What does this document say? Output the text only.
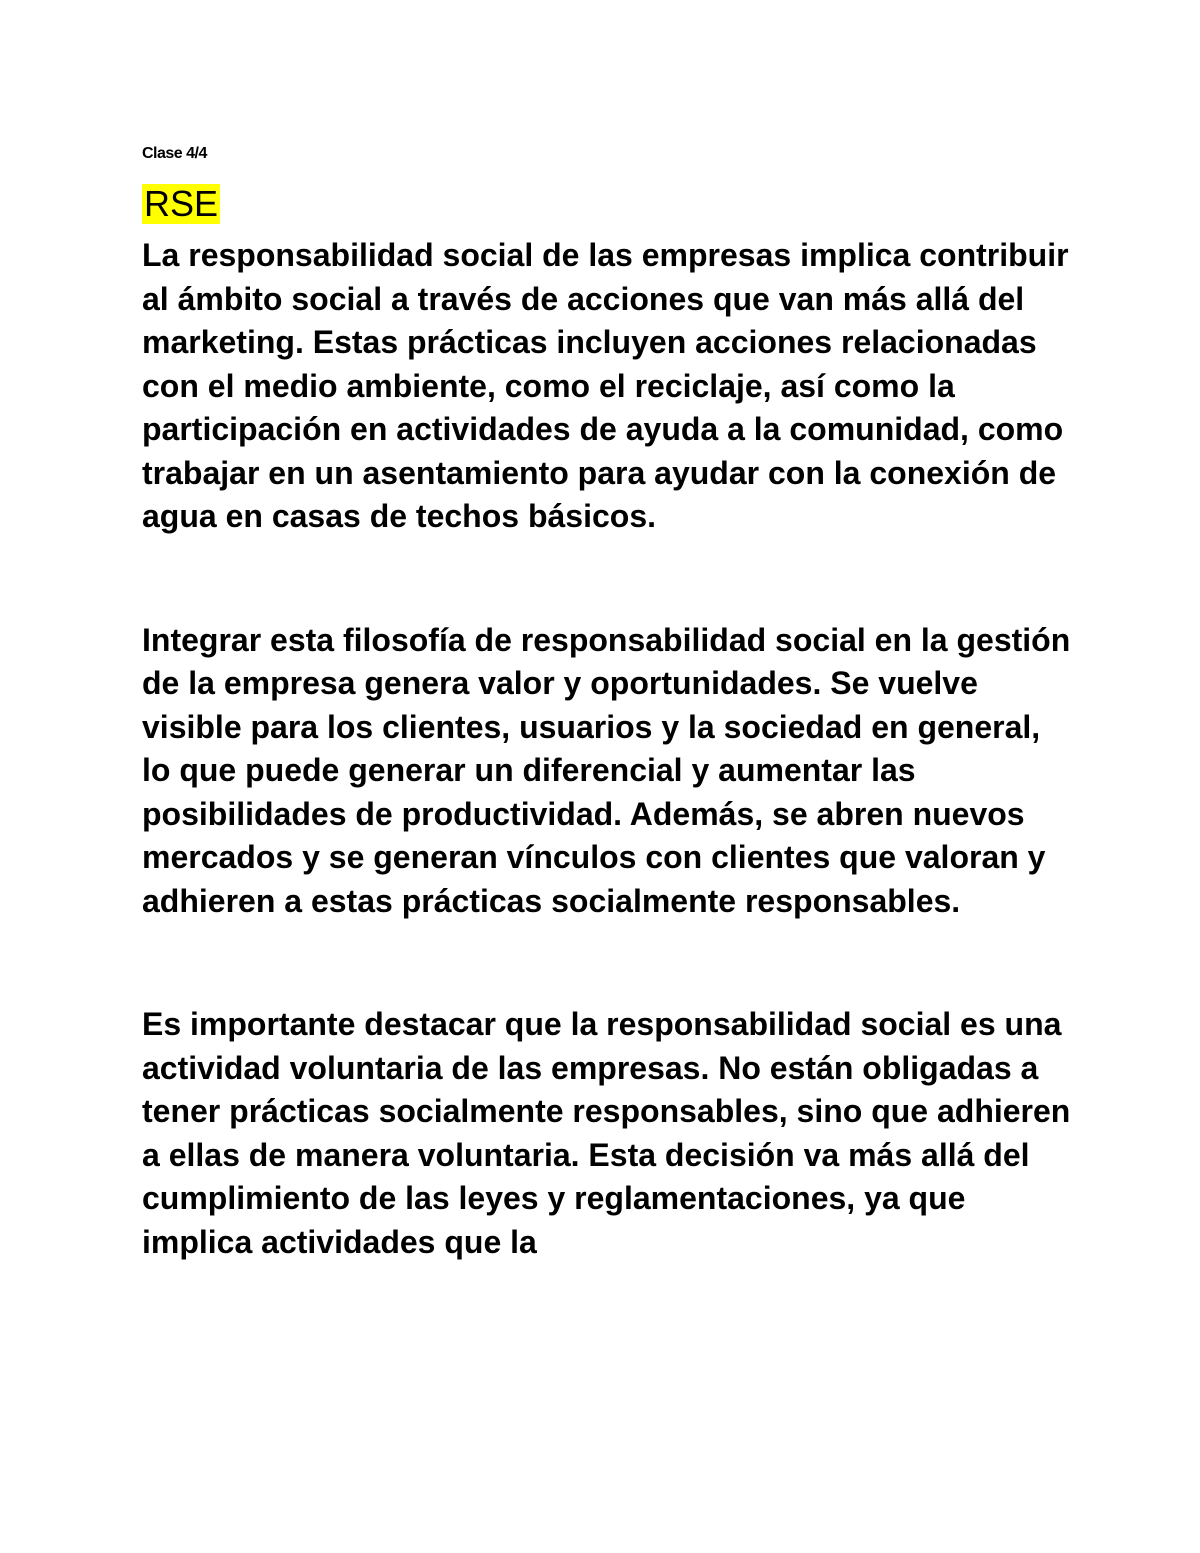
Clase 4/4

RSE

La responsabilidad social de las empresas implica contribuir al ámbito social a través de acciones que van más allá del marketing. Estas prácticas incluyen acciones relacionadas con el medio ambiente, como el reciclaje, así como la participación en actividades de ayuda a la comunidad, como trabajar en un asentamiento para ayudar con la conexión de agua en casas de techos básicos.

Integrar esta filosofía de responsabilidad social en la gestión de la empresa genera valor y oportunidades. Se vuelve visible para los clientes, usuarios y la sociedad en general, lo que puede generar un diferencial y aumentar las posibilidades de productividad. Además, se abren nuevos mercados y se generan vínculos con clientes que valoran y adhieren a estas prácticas socialmente responsables.

Es importante destacar que la responsabilidad social es una actividad voluntaria de las empresas. No están obligadas a tener prácticas socialmente responsables, sino que adhieren a ellas de manera voluntaria. Esta decisión va más allá del cumplimiento de las leyes y reglamentaciones, ya que implica actividades que la
